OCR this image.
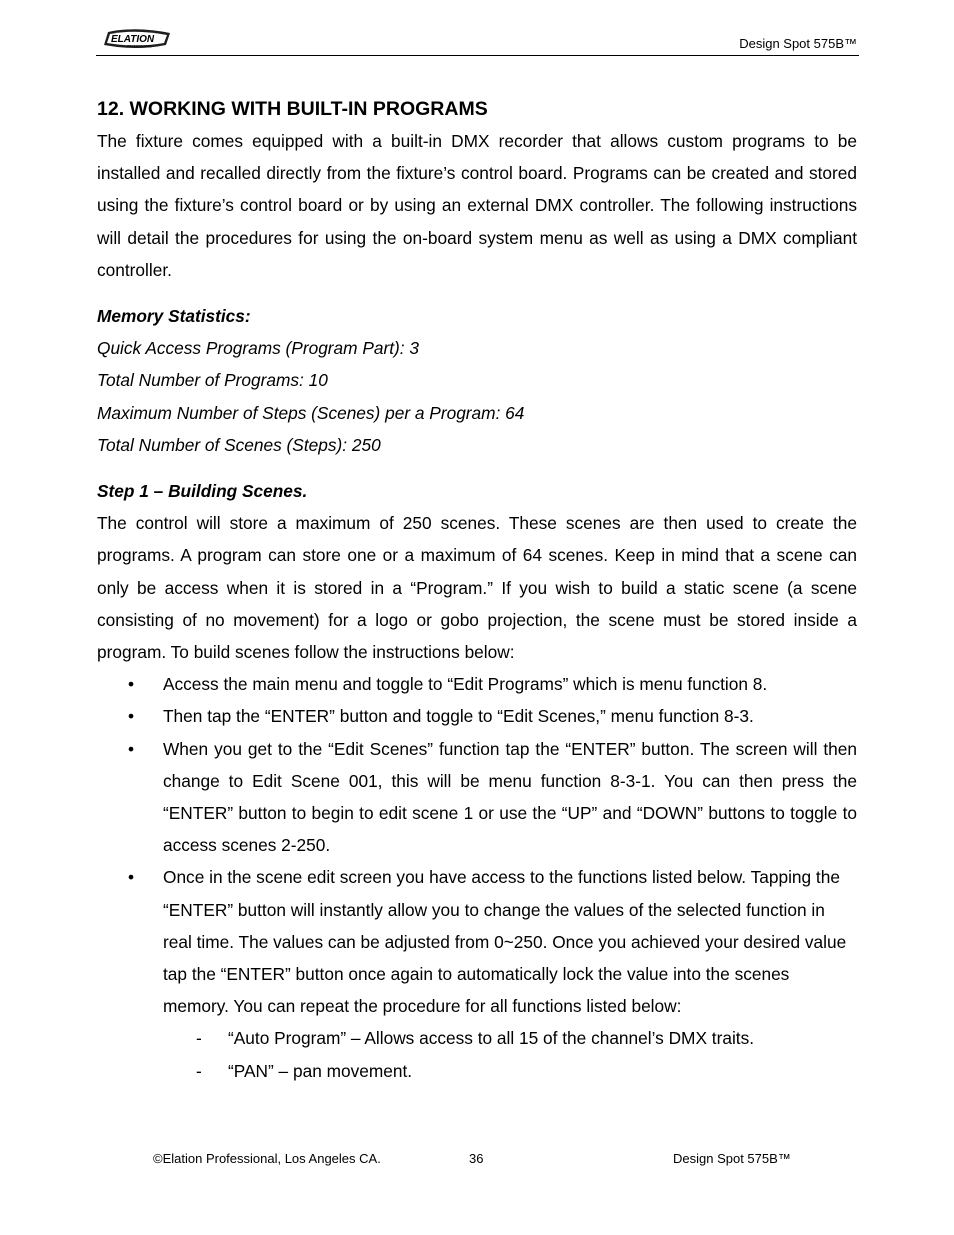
ELATION
PROFESSIONAL	Design Spot 575B™
12. WORKING WITH BUILT-IN PROGRAMS

The fixture comes equipped with a built-in DMX recorder that allows custom programs to be installed and recalled directly from the fixture’s control board. Programs can be created and stored using the fixture’s control board or by using an external DMX controller. The following instructions will detail the procedures for using the on-board system menu as well as using a DMX compliant controller.

Memory Statistics:

Quick Access Programs (Program Part): 3

Total Number of Programs: 10

Maximum Number of Steps (Scenes) per a Program: 64

Total Number of Scenes (Steps): 250

Step 1 – Building Scenes.

The control will store a maximum of 250 scenes. These scenes are then used to create the programs. A program can store one or a maximum of 64 scenes. Keep in mind that a scene can only be access when it is stored in a “Program.” If you wish to build a static scene (a scene consisting of no movement) for a logo or gobo projection, the scene must be stored inside a program. To build scenes follow the instructions below:

• Access the main menu and toggle to “Edit Programs” which is menu function 8.
• Then tap the “ENTER” button and toggle to “Edit Scenes,” menu function 8-3.
• When you get to the “Edit Scenes” function tap the “ENTER” button. The screen will then change to Edit Scene 001, this will be menu function 8-3-1. You can then press the “ENTER” button to begin to edit scene 1 or use the “UP” and “DOWN” buttons to toggle to access scenes 2-250.
• Once in the scene edit screen you have access to the functions listed below. Tapping the “ENTER” button will instantly allow you to change the values of the selected function in real time. The values can be adjusted from 0~250. Once you achieved your desired value tap the “ENTER” button once again to automatically lock the value into the scenes memory. You can repeat the procedure for all functions listed below:
- “Auto Program” – Allows access to all 15 of the channel’s DMX traits.
- “PAN” – pan movement.
©Elation Professional, Los Angeles CA.	36	Design Spot 575B™
